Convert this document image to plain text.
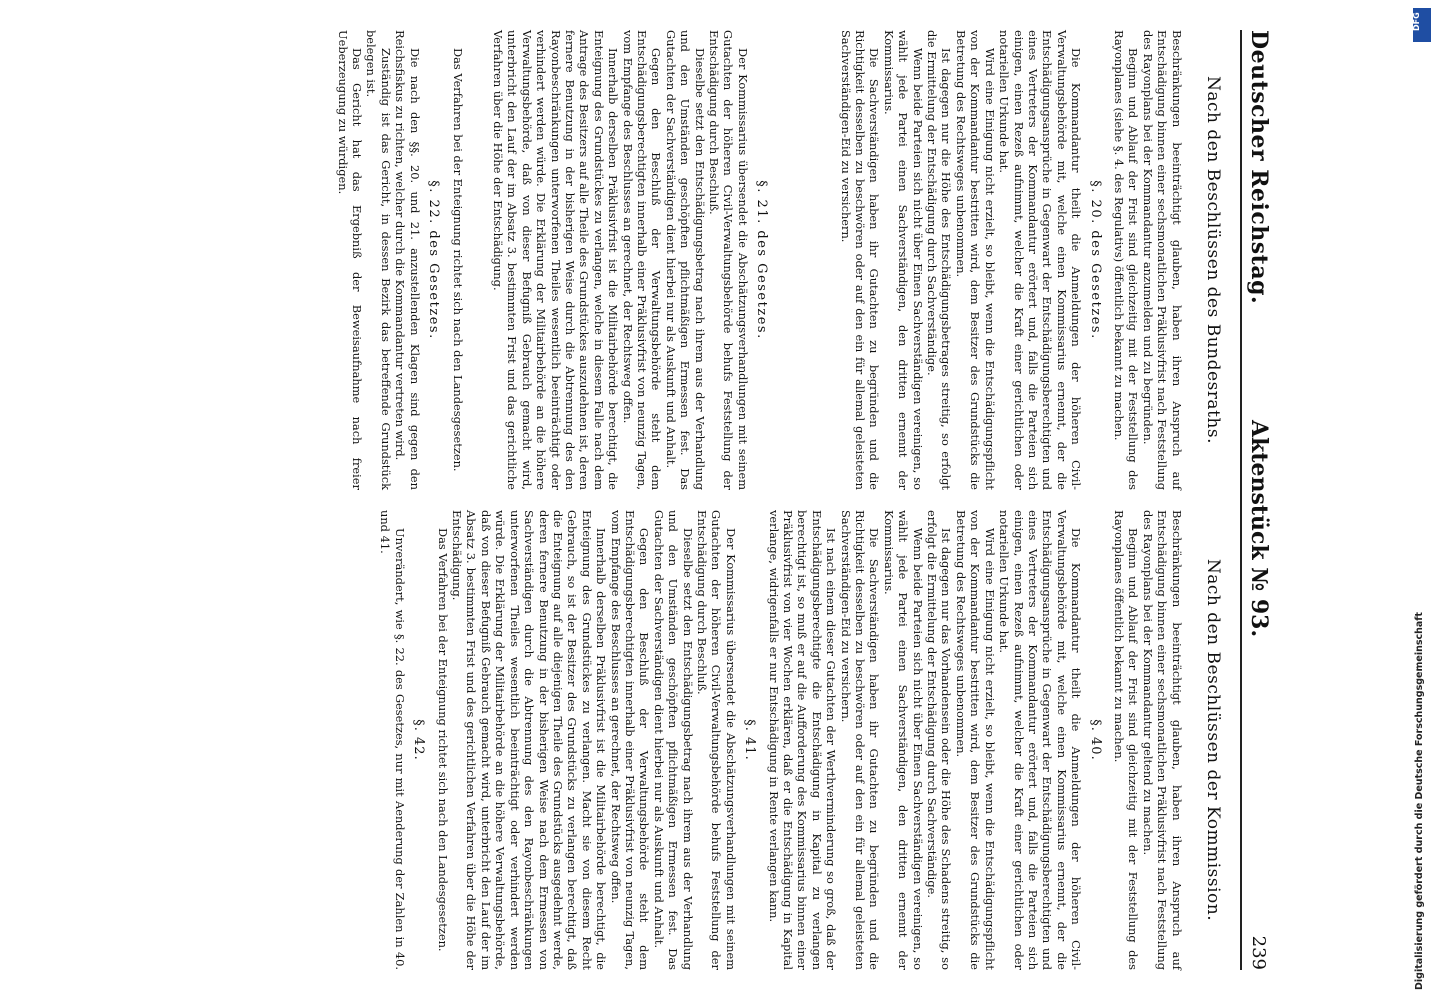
Deutscher Reichstag.
Aktenstück № 93.
239
Nach den Beschlüssen des Bundesraths.

Beschränkungen beeinträchtigt glauben, haben ihren Anspruch auf Entschädigung binnen einer sechsmonatlichen Präklusivfrist nach Feststellung des Rayonplans bei der Kommandantur anzumelden und zu begründen.

Beginn und Ablauf der Frist sind gleichzeitig mit der Feststellung des Rayonplanes (siehe §. 4. des Regulativs) öffentlich bekannt zu machen.

§. 20. des Gesetzes.

Die Kommandantur theilt die Anmeldungen der höheren Civil-Verwaltungsbehörde mit, welche einen Kommissarius ernennt, der die Entschädigungsansprüche in Gegenwart der Entschädigungsberechtigten und eines Vertreters der Kommandantur erörtert und, falls die Parteien sich einigen, einen Rezeß aufnimmt, welcher die Kraft einer gerichtlichen oder notariellen Urkunde hat.

Wird eine Einigung nicht erzielt, so bleibt, wenn die Entschädigungspflicht von der Kommandantur bestritten wird, dem Besitzer des Grundstücks die Betretung des Rechtsweges unbenommen.

Ist dagegen nur die Höhe des Entschädigungsbetrages streitig, so erfolgt die Ermittelung der Entschädigung durch Sachverständige.

Wenn beide Parteien sich nicht über Einen Sachverständigen vereinigen, so wählt jede Partei einen Sachverständigen, den dritten ernennt der Kommissarius.

Die Sachverständigen haben ihr Gutachten zu begründen und die Richtigkeit desselben zu beschwören oder auf den ein für allemal geleisteten Sachverständigen-Eid zu versichern.

§. 21. des Gesetzes.

Der Kommissarius übersendet die Abschätzungsverhandlungen mit seinem Gutachten der höheren Civil-Verwaltungsbehörde behufs Feststellung der Entschädigung durch Beschluß.

Dieselbe setzt den Entschädigungsbetrag nach ihrem aus der Verhandlung und den Umständen geschöpften pflichtmäßigen Ermessen fest. Das Gutachten der Sachverständigen dient hierbei nur als Auskunft und Anhalt.

Gegen den Beschluß der Verwaltungsbehörde steht dem Entschädigungsberechtigten innerhalb einer Präklusivfrist von neunzig Tagen, vom Empfange des Beschlusses an gerechnet, der Rechtsweg offen.

Innerhalb derselben Präklusivfrist ist die Militairbehörde berechtigt, die Enteignung des Grundstückes zu verlangen, welche in diesem Falle nach dem Antrage des Besitzers auf alle Theile des Grundstückes auszudehnen ist, deren fernere Benutzung in der bisherigen Weise durch die Abtrennung des den Rayonbeschränkungen unterworfenen Theiles wesentlich beeinträchtigt oder verhindert werden würde. Die Erklärung der Militairbehörde an die höhere Verwaltungsbehörde, daß von dieser Befugniß Gebrauch gemacht wird, unterbricht den Lauf der im Absatz 3. bestimmten Frist und das gerichtliche Verfahren über die Höhe der Entschädigung.

Das Verfahren bei der Enteignung richtet sich nach den Landesgesetzen.

§. 22. des Gesetzes.

Die nach den §§. 20. und 21. anzustellenden Klagen sind gegen den Reichsfiskus zu richten, welcher durch die Kommandantur vertreten wird.

Zuständig ist das Gericht, in dessen Bezirk das betreffende Grundstück belegen ist.

Das Gericht hat das Ergebniß der Beweisaufnahme nach freier Ueberzeugung zu würdigen.

Nach den Beschlüssen der Kommission.

Beschränkungen beeinträchtigt glauben, haben ihren Anspruch auf Entschädigung binnen einer sechsmonatlichen Präklusivfrist nach Feststellung des Rayonplans bei der Kommandantur geltend zu machen.

Beginn und Ablauf der Frist sind gleichzeitig mit der Feststellung des Rayonplanes öffentlich bekannt zu machen.

§. 40.

Die Kommandantur theilt die Anmeldungen der höheren Civil-Verwaltungsbehörde mit, welche einen Kommissarius ernennt, der die Entschädigungsansprüche in Gegenwart der Entschädigungsberechtigten und eines Vertreters der Kommandantur erörtert und, falls die Parteien sich einigen, einen Rezeß aufnimmt, welcher die Kraft einer gerichtlichen oder notariellen Urkunde hat.

Wird eine Einigung nicht erzielt, so bleibt, wenn die Entschädigungspflicht von der Kommandantur bestritten wird, dem Besitzer des Grundstücks die Betretung des Rechtsweges unbenommen.

Ist dagegen nur das Vorhandensein oder die Höhe des Schadens streitig, so erfolgt die Ermittelung der Entschädigung durch Sachverständige.

Wenn beide Parteien sich nicht über Einen Sachverständigen vereinigen, so wählt jede Partei einen Sachverständigen, den dritten ernennt der Kommissarius.

Die Sachverständigen haben ihr Gutachten zu begründen und die Richtigkeit desselben zu beschwören oder auf den ein für allemal geleisteten Sachverständigen-Eid zu versichern.

Ist nach einem dieser Gutachten der Werthverminderung so groß, daß der Entschädigungsberechtigte die Entschädigung in Kapital zu verlangen berechtigt ist, so muß er auf die Aufforderung des Kommissarius binnen einer Präklusivfrist von vier Wochen erklären, daß er die Entschädigung in Kapital verlange, widrigenfalls er nur Entschädigung in Rente verlangen kann.

§. 41.

Der Kommissarius übersendet die Abschätzungsverhandlungen mit seinem Gutachten der höheren Civil-Verwaltungsbehörde behufs Feststellung der Entschädigung durch Beschluß.

Dieselbe setzt den Entschädigungsbetrag nach ihrem aus der Verhandlung und den Umständen geschöpften pflichtmäßigen Ermessen fest. Das Gutachten der Sachverständigen dient hierbei nur als Auskunft und Anhalt.

Gegen den Beschluß der Verwaltungsbehörde steht dem Entschädigungsberechtigten innerhalb einer Präklusivfrist von neunzig Tagen, vom Empfange des Beschlusses an gerechnet, der Rechtsweg offen.

Innerhalb derselben Präklusivfrist ist die Militairbehörde berechtigt, die Enteignung des Grundstückes zu verlangen. Macht sie von diesem Recht Gebrauch, so ist der Besitzer des Grundstücks zu verlangen berechtigt, daß die Enteignung auf alle diejenigen Theile des Grundstücks ausgedehnt werde, deren fernere Benutzung in der bisherigen Weise nach dem Ermessen von Sachverständigen durch die Abtrennung des den Rayonbeschränkungen unterworfenen Theiles wesentlich beeinträchtigt oder verhindert werden würde. Die Erklärung der Militairbehörde an die höhere Verwaltungsbehörde, daß von dieser Befugniß Gebrauch gemacht wird, unterbricht den Lauf der im Absatz 3. bestimmten Frist und des gerichtlichen Verfahren über die Höhe der Entschädigung.

Das Verfahren bei der Enteignung richtet sich nach den Landesgesetzen.

§. 42.

Unverändert, wie §. 22. des Gesetzes, nur mit Aenderung der Zahlen in 40. und 41.

DFG
Digitalisierung gefördert durch die Deutsche Forschungsgemeinschaft
